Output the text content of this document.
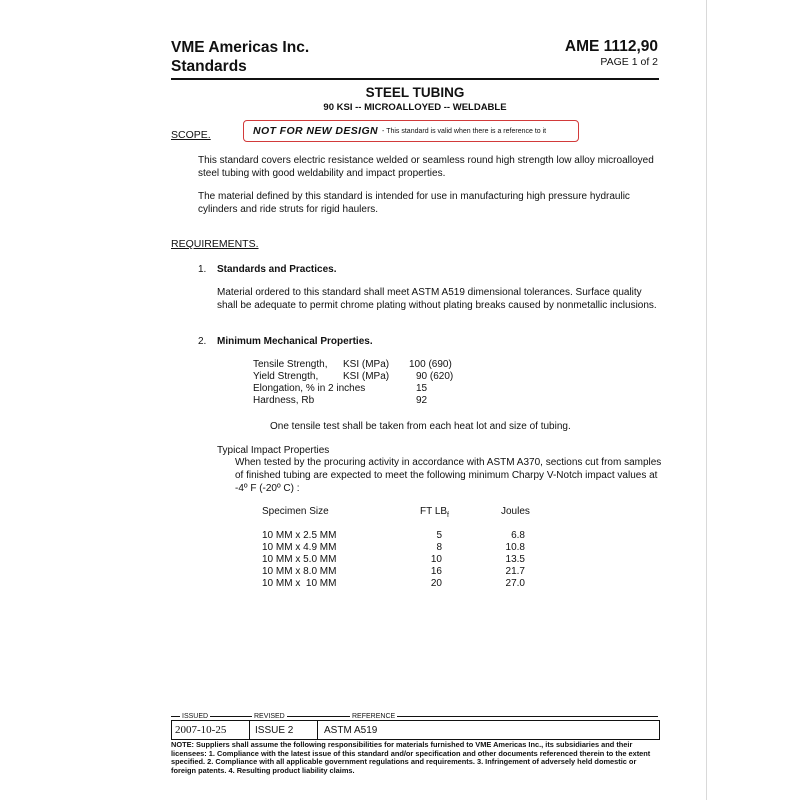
VME Americas Inc.
Standards
AME 1112,90
PAGE 1 of 2
STEEL TUBING
90 KSI -- MICROALLOYED -- WELDABLE
SCOPE.	NOT FOR NEW DESIGN - This standard is valid when there is a reference to it
This standard covers electric resistance welded or seamless round high strength low alloy microalloyed steel tubing with good weldability and impact properties.
The material defined by this standard is intended for use in manufacturing high pressure hydraulic cylinders and ride struts for rigid haulers.
REQUIREMENTS.
1. Standards and Practices.
Material ordered to this standard shall meet ASTM A519 dimensional tolerances. Surface quality shall be adequate to permit chrome plating without plating breaks caused by nonmetallic inclusions.
2. Minimum Mechanical Properties.
Tensile Strength,	KSI (MPa)	100 (690)
Yield Strength,	KSI (MPa)	90 (620)
Elongation, % in 2 inches		15
Hardness, Rb		92
One tensile test shall be taken from each heat lot and size of tubing.
Typical Impact Properties
When tested by the procuring activity in accordance with ASTM A370, sections cut from samples of finished tubing are expected to meet the following minimum Charpy V-Notch impact values at
-4º F (-20º C) :
Specimen Size	FT $LB_f$	Joules
10 MM x 2.5 MM	5	6.8
10 MM x 4.9 MM	8	10.8
10 MM x 5.0 MM	10	13.5
10 MM x 8.0 MM	16	21.7
10 MM x  10 MM	20	27.0
ISSUED	REVISED	REFERENCE
2007-10-25	ISSUE 2	ASTM A519
NOTE: Suppliers shall assume the following responsibilities for materials furnished to VME Americas Inc., its subsidiaries and their licensees: 1. Compliance with the latest issue of this standard and/or specification and other documents referenced therein to the extent specified. 2. Compliance with all applicable government regulations and requirements. 3. Infringement of adversely held domestic or foreign patents. 4. Resulting product liability claims.
